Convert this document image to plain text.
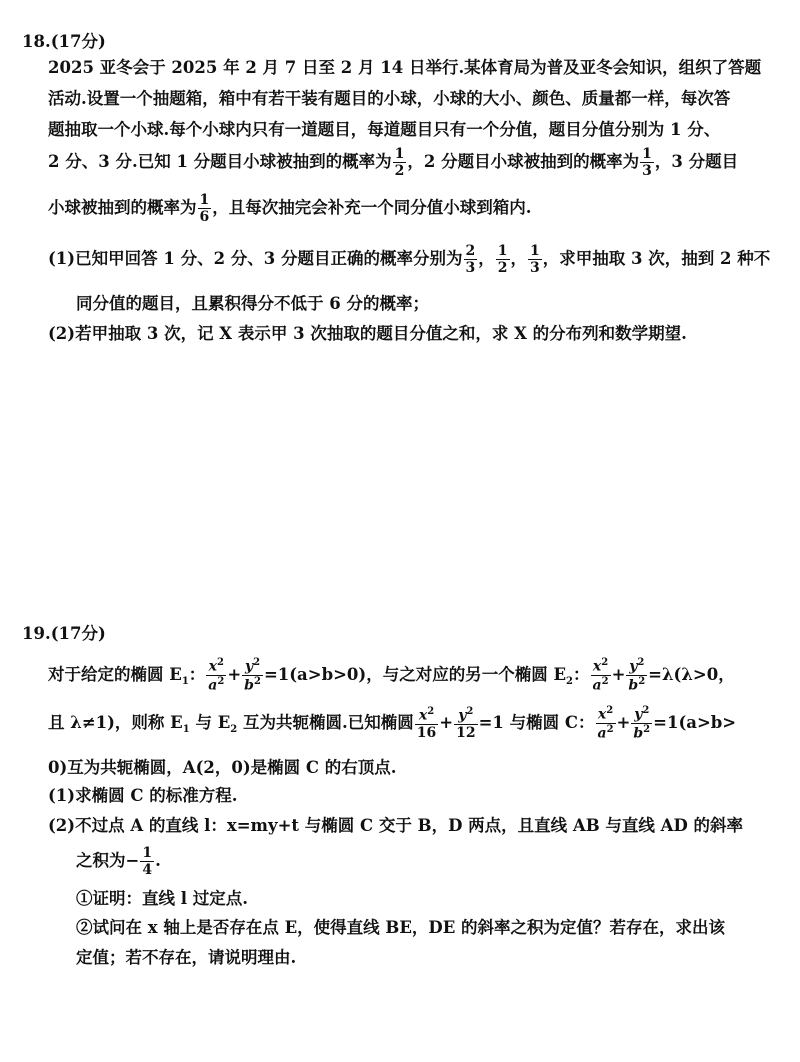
18.(17分)
2025 亚冬会于 2025 年 2 月 7 日至 2 月 14 日举行.某体育局为普及亚冬会知识，组织了答题
活动.设置一个抽题箱，箱中有若干装有题目的小球，小球的大小、颜色、质量都一样，每次答
题抽取一个小球.每个小球内只有一道题目，每道题目只有一个分值，题目分值分别为 1 分、
2 分、3 分.已知 1 分题目小球被抽到的概率为 $\frac{1}{2}$ ，2 分题目小球被抽到的概率为 $\frac{1}{3}$ ，3 分题目
小球被抽到的概率为 $\frac{1}{6}$ ，且每次抽完会补充一个同分值小球到箱内.
(1)已知甲回答 1 分、2 分、3 分题目正确的概率分别为 $\frac{2}{3}$ ， $\frac{1}{2}$ ， $\frac{1}{3}$ ，求甲抽取 3 次，抽到 2 种不
同分值的题目，且累积得分不低于 6 分的概率；
(2)若甲抽取 3 次，记 X 表示甲 3 次抽取的题目分值之和，求 X 的分布列和数学期望.
19.(17分)
对于给定的椭圆 $E_1$： $\frac{x^2}{a^2} + \frac{y^2}{b^2} =1(a>b>0)$，与之对应的另一个椭圆 $E_2$： $\frac{x^2}{a^2} + \frac{y^2}{b^2} =\lambda(\lambda>0$，
且 λ≠1)，则称 $E_1$ 与 $E_2$ 互为共轭椭圆.已知椭圆 $\frac{x^2}{16} + \frac{y^2}{12} =1$ 与椭圆 C： $\frac{x^2}{a^2} + \frac{y^2}{b^2} =1(a>b>$
0)互为共轭椭圆，A(2，0)是椭圆 C 的右顶点.
(1)求椭圆 C 的标准方程.
(2)不过点 A 的直线 l：x=my+t 与椭圆 C 交于 B，D 两点，且直线 AB 与直线 AD 的斜率
之积为− $\frac{1}{4}$ .
①证明：直线 l 过定点.
②试问在 x 轴上是否存在点 E，使得直线 BE，DE 的斜率之积为定值？若存在，求出该
定值；若不存在，请说明理由.
